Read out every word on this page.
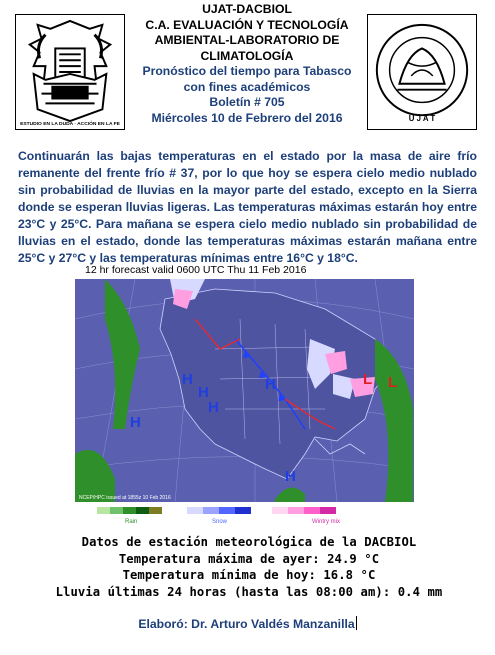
ESTUDIO EN LA DUDA · ACCIÓN EN LA FE
UJAT-DACBIOL
C.A. EVALUACIÓN Y TECNOLOGÍA
AMBIENTAL-LABORATORIO DE
CLIMATOLOGÍA
Pronóstico del tiempo para Tabasco
con fines académicos
Boletín # 705
Miércoles 10 de Febrero del 2016	U J A T
Continuarán las bajas temperaturas en el estado por la masa de aire frío remanente del frente frío # 37, por lo que hoy se espera cielo medio nublado sin probabilidad de lluvias en la mayor parte del estado, excepto en la Sierra donde se esperan lluvias ligeras. Las temperaturas máximas estarán hoy entre 23°C y 25°C. Para mañana se espera cielo medio nublado sin probabilidad de lluvias en el estado, donde las temperaturas máximas estarán mañana entre 25°C y 27°C y las temperaturas mínimas entre 16°C y 18°C.
12 hr forecast valid 0600 UTC Thu 11 Feb 2016
H
H
H
H
H
H
L L
NCEP/HPC issued at 1855z 10 Feb 2016
Rain	Snow	Wintry mix
Datos de estación meteorológica de la DACBIOL
Temperatura máxima de ayer: 24.9 °C
Temperatura mínima de hoy: 16.8 °C
Lluvia últimas 24 horas (hasta las 08:00 am): 0.4 mm
Elaboró: Dr. Arturo Valdés Manzanilla
